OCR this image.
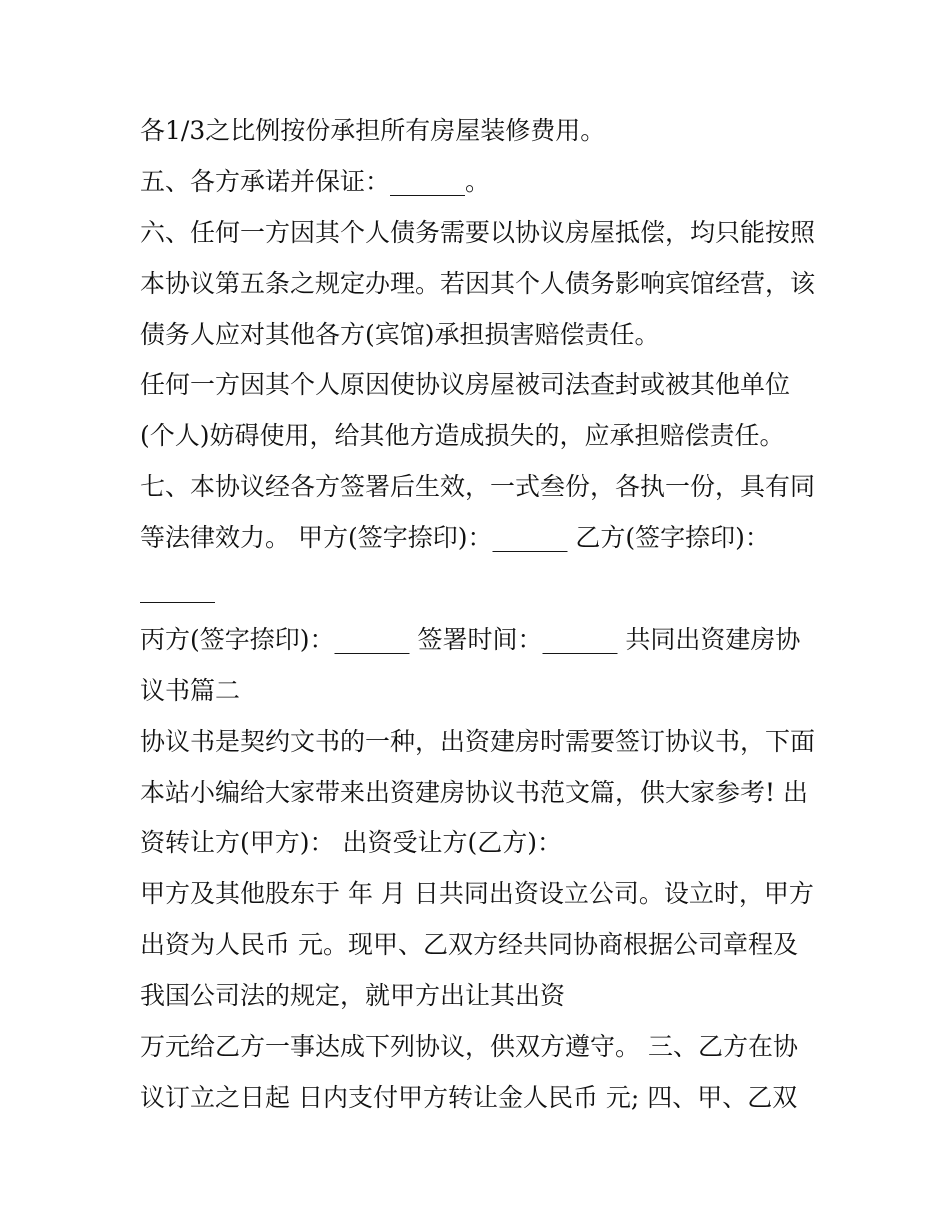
各1/3之比例按份承担所有房屋装修费用。

五、各方承诺并保证：______。

六、任何一方因其个人债务需要以协议房屋抵偿，均只能按照

本协议第五条之规定办理。若因其个人债务影响宾馆经营，该

债务人应对其他各方(宾馆)承担损害赔偿责任。

任何一方因其个人原因使协议房屋被司法查封或被其他单位

(个人)妨碍使用，给其他方造成损失的，应承担赔偿责任。

七、本协议经各方签署后生效，一式叁份，各执一份，具有同

等法律效力。 甲方(签字捺印)：______ 乙方(签字捺印)：

______

丙方(签字捺印)：______ 签署时间：______ 共同出资建房协

议书篇二

协议书是契约文书的一种，出资建房时需要签订协议书，下面

本站小编给大家带来出资建房协议书范文篇，供大家参考! 出

资转让方(甲方)： 出资受让方(乙方)：

甲方及其他股东于 年 月 日共同出资设立公司。设立时，甲方

出资为人民币 元。现甲、乙双方经共同协商根据公司章程及

我国公司法的规定，就甲方出让其出资

万元给乙方一事达成下列协议，供双方遵守。 三、乙方在协

议订立之日起 日内支付甲方转让金人民币 元; 四、甲、乙双
